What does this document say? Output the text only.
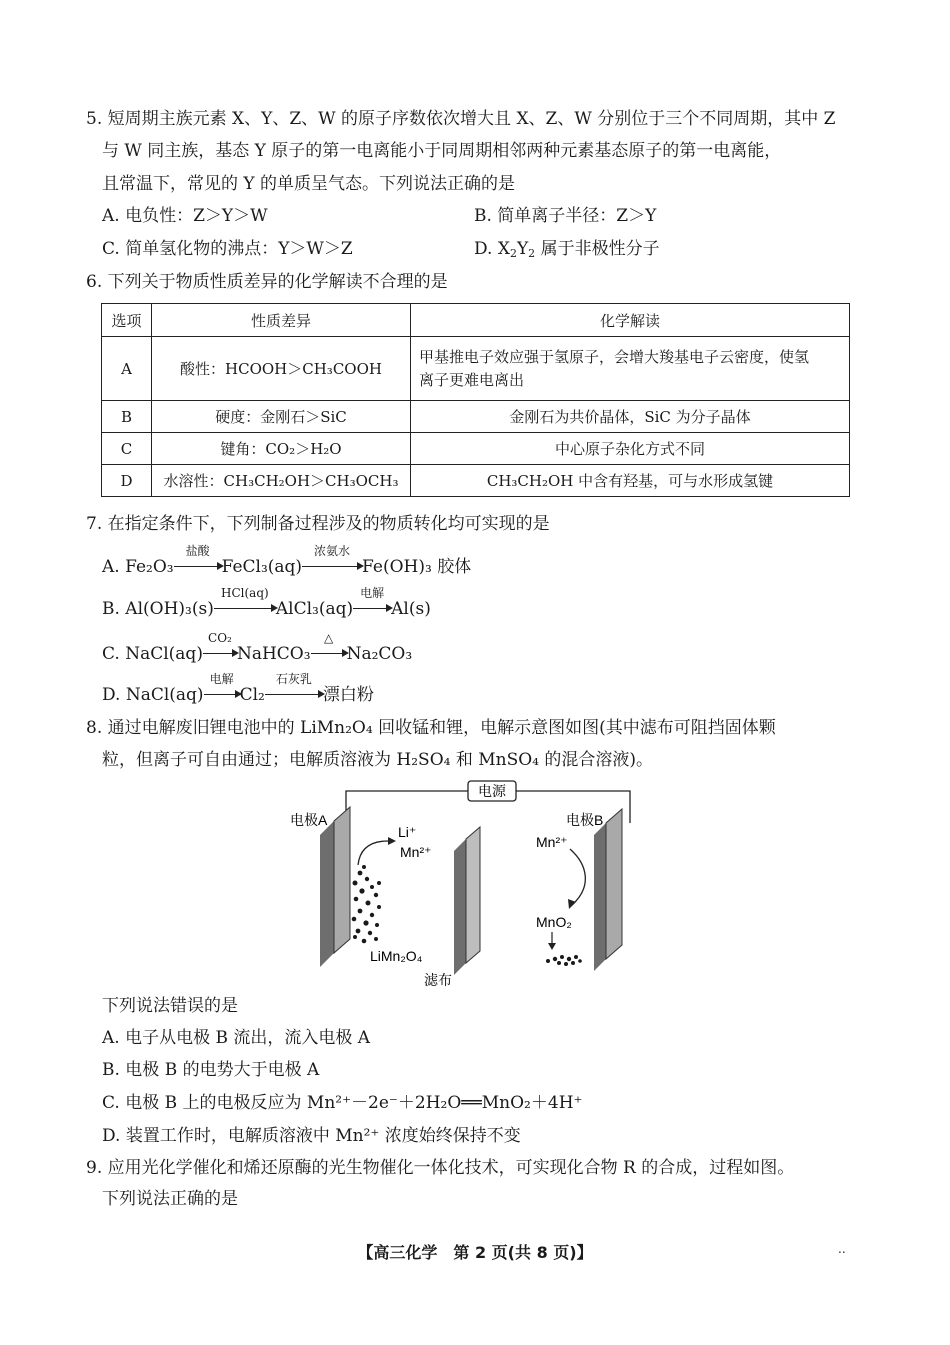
5. 短周期主族元素 X、Y、Z、W 的原子序数依次增大且 X、Z、W 分别位于三个不同周期，其中 Z
与 W 同主族，基态 Y 原子的第一电离能小于同周期相邻两种元素基态原子的第一电离能，
且常温下，常见的 Y 的单质呈气态。下列说法正确的是
A. 电负性：Z＞Y＞W	B. 简单离子半径：Z＞Y
C. 简单氢化物的沸点：Y＞W＞Z	D. $X_2Y_2$ 属于非极性分子
6. 下列关于物质性质差异的化学解读不合理的是
选项	性质差异	化学解读
A	酸性：HCOOH＞CH₃COOH	甲基推电子效应强于氢原子，会增大羧基电子云密度，使氢
离子更难电离出

B	硬度：金刚石＞SiC	金刚石为共价晶体，SiC 为分子晶体
C	键角：CO₂＞H₂O	中心原子杂化方式不同
D	水溶性：CH₃CH₂OH＞CH₃OCH₃	CH₃CH₂OH 中含有羟基，可与水形成氢键
7. 在指定条件下，下列制备过程涉及的物质转化均可实现的是
A. Fe₂O₃
盐酸
FeCl₃(aq)
浓氨水
Fe(OH)₃ 胶体
B. Al(OH)₃(s)
HCl(aq)
AlCl₃(aq)
电解
Al(s)
C. NaCl(aq)
CO₂
NaHCO₃
△
Na₂CO₃
D. NaCl(aq)
电解
Cl₂
石灰乳
漂白粉
8. 通过电解废旧锂电池中的 LiMn₂O₄ 回收锰和锂，电解示意图如图(其中滤布可阻挡固体颗
粒，但离子可自由通过；电解质溶液为 H₂SO₄ 和 MnSO₄ 的混合溶液)。
电源
电极A
Li⁺
Mn²⁺
LiMn₂O₄
滤布
电极B
Mn²⁺
MnO₂
下列说法错误的是
A. 电子从电极 B 流出，流入电极 A
B. 电极 B 的电势大于电极 A
C. 电极 B 上的电极反应为 Mn²⁺－2e⁻＋2H₂O══MnO₂＋4H⁺
D. 装置工作时，电解质溶液中 Mn²⁺ 浓度始终保持不变
9. 应用光化学催化和烯还原酶的光生物催化一体化技术，可实现化合物 R 的合成，过程如图。
下列说法正确的是
【高三化学　第 2 页(共 8 页)】	..
